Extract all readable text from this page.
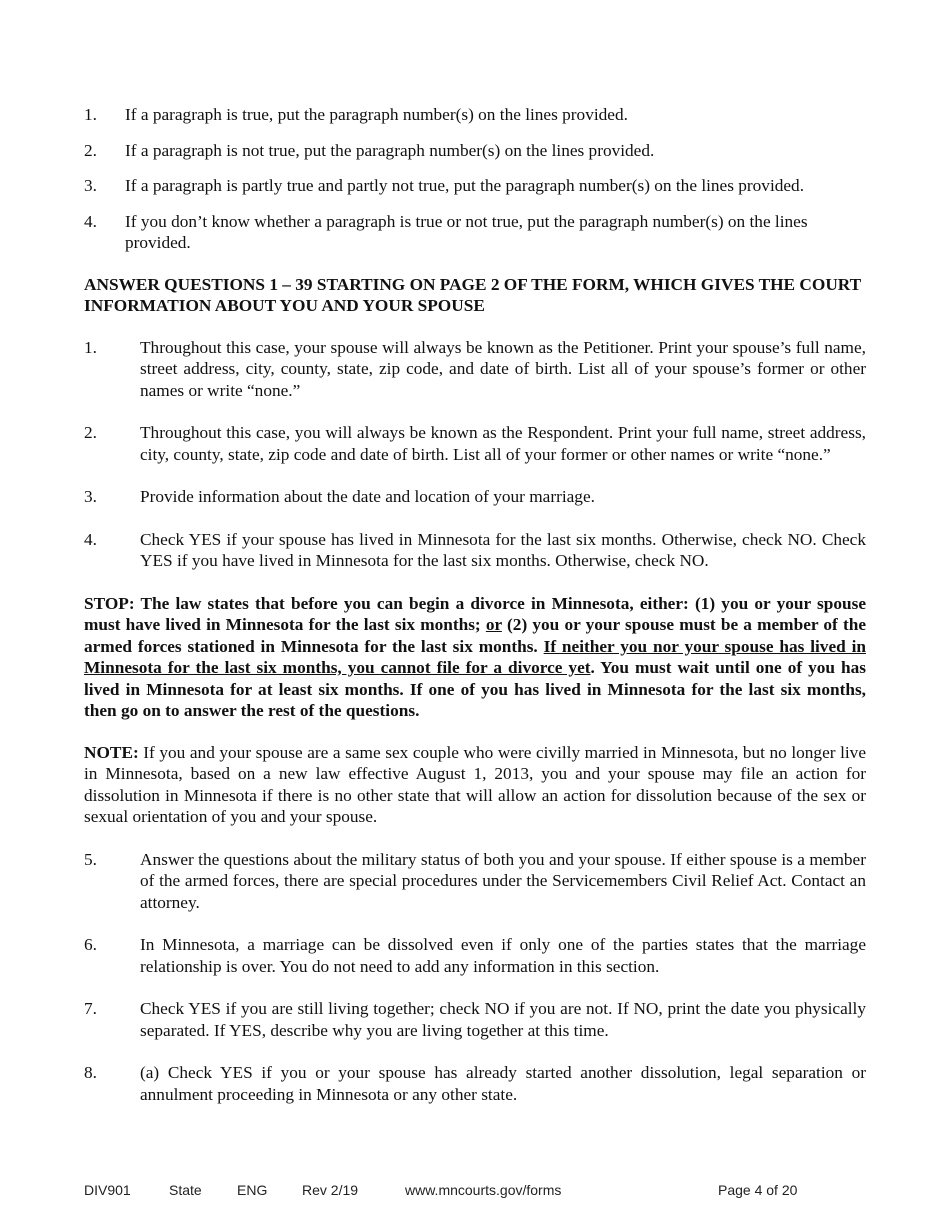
1.	If a paragraph is true, put the paragraph number(s) on the lines provided.
2.	If a paragraph is not true, put the paragraph number(s) on the lines provided.
3.	If a paragraph is partly true and partly not true, put the paragraph number(s) on the lines provided.
4.	If you don’t know whether a paragraph is true or not true, put the paragraph number(s) on the lines provided.
ANSWER QUESTIONS 1 – 39 STARTING ON PAGE 2 OF THE FORM, WHICH GIVES THE COURT INFORMATION ABOUT YOU AND YOUR SPOUSE
1.	Throughout this case, your spouse will always be known as the Petitioner. Print your spouse’s full name, street address, city, county, state, zip code, and date of birth. List all of your spouse’s former or other names or write “none.”
2.	Throughout this case, you will always be known as the Respondent. Print your full name, street address, city, county, state, zip code and date of birth. List all of your former or other names or write “none.”
3.	Provide information about the date and location of your marriage.
4.	Check YES if your spouse has lived in Minnesota for the last six months. Otherwise, check NO. Check YES if you have lived in Minnesota for the last six months. Otherwise, check NO.
STOP: The law states that before you can begin a divorce in Minnesota, either: (1) you or your spouse must have lived in Minnesota for the last six months; or (2) you or your spouse must be a member of the armed forces stationed in Minnesota for the last six months. If neither you nor your spouse has lived in Minnesota for the last six months, you cannot file for a divorce yet. You must wait until one of you has lived in Minnesota for at least six months. If one of you has lived in Minnesota for the last six months, then go on to answer the rest of the questions.
NOTE: If you and your spouse are a same sex couple who were civilly married in Minnesota, but no longer live in Minnesota, based on a new law effective August 1, 2013, you and your spouse may file an action for dissolution in Minnesota if there is no other state that will allow an action for dissolution because of the sex or sexual orientation of you and your spouse.
5.	Answer the questions about the military status of both you and your spouse. If either spouse is a member of the armed forces, there are special procedures under the Servicemembers Civil Relief Act. Contact an attorney.
6.	In Minnesota, a marriage can be dissolved even if only one of the parties states that the marriage relationship is over. You do not need to add any information in this section.
7.	Check YES if you are still living together; check NO if you are not. If NO, print the date you physically separated. If YES, describe why you are living together at this time.
8.	(a) Check YES if you or your spouse has already started another dissolution, legal separation or annulment proceeding in Minnesota or any other state.
DIV901	State	ENG Rev 2/19	www.mncourts.gov/forms	Page 4 of 20
